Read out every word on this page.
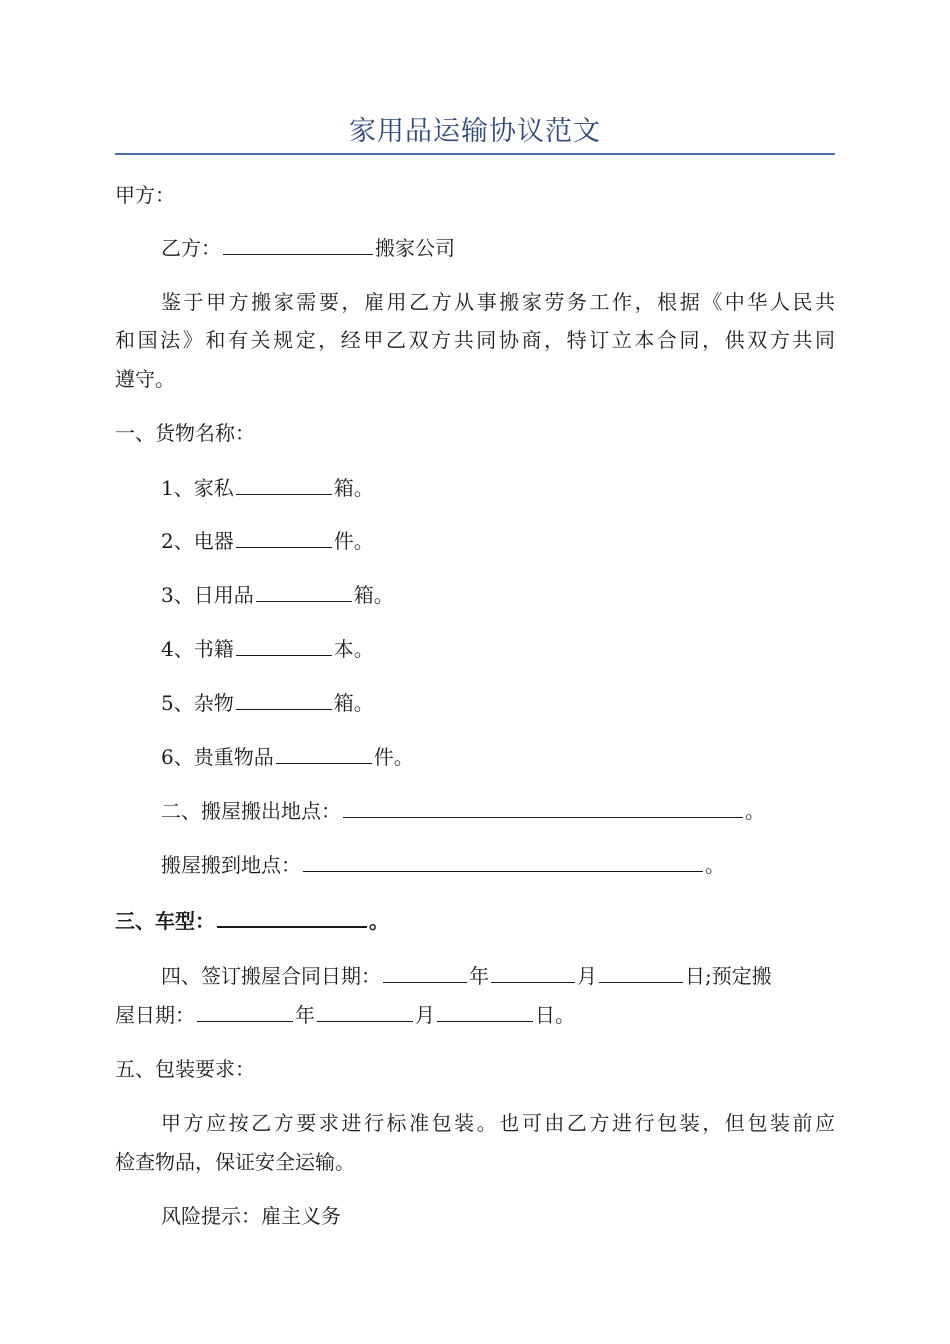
家用品运输协议范文
甲方：
乙方：	搬家公司
鉴于甲方搬家需要，雇用乙方从事搬家劳务工作，根据《中华人民共
和国法》和有关规定，经甲乙双方共同协商，特订立本合同，供双方共同
遵守。
一、货物名称：
1、家私	箱。
2、电器	件。
3、日用品	箱。
4、书籍	本。
5、杂物	箱。
6、贵重物品	件。
二、搬屋搬出地点：	。
搬屋搬到地点：	。
三、车型：	。
四、签订搬屋合同日期：	年	月	日;预定搬
屋日期：	年	月	日。
五、包装要求：
甲方应按乙方要求进行标准包装。也可由乙方进行包装，但包装前应
检查物品，保证安全运输。
风险提示：雇主义务
